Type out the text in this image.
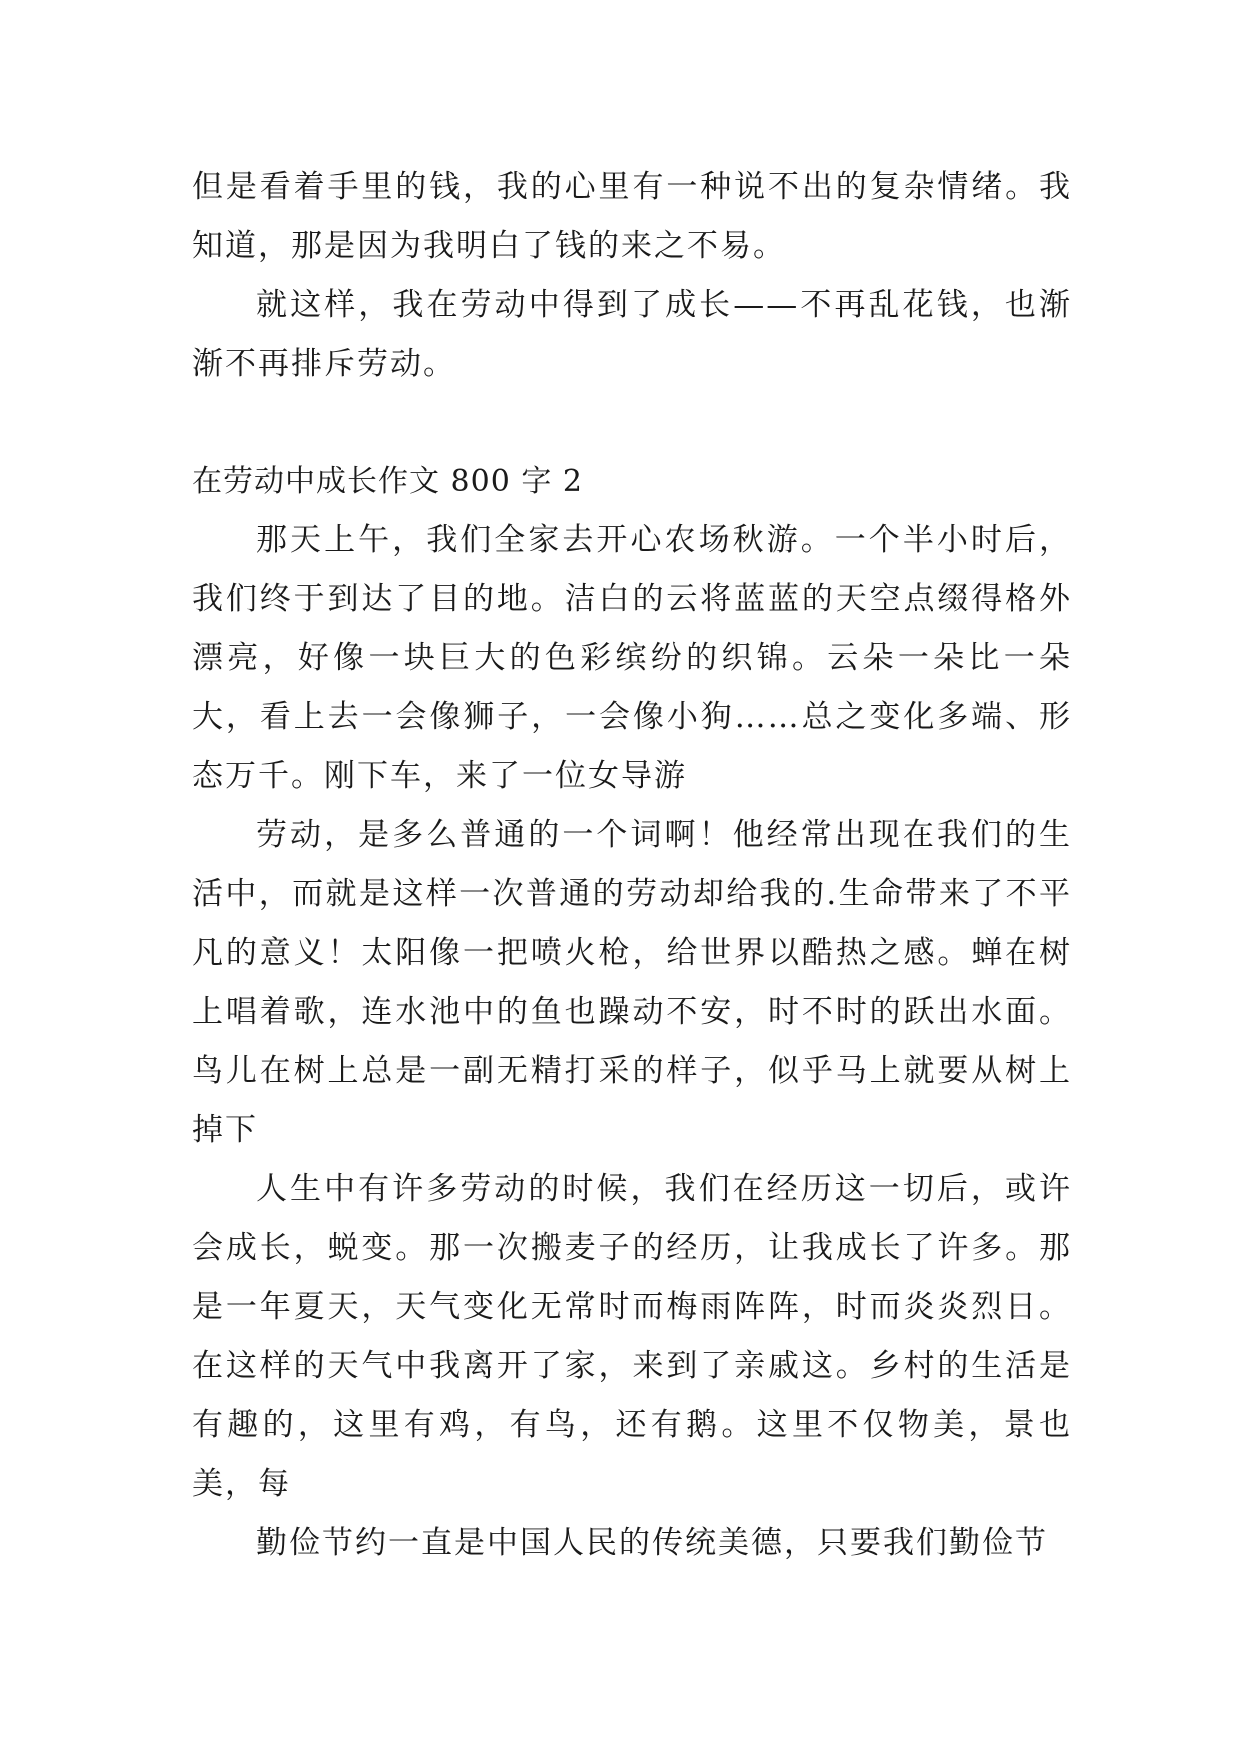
但是看着手里的钱，我的心里有一种说不出的复杂情绪。我知道，那是因为我明白了钱的来之不易。

就这样，我在劳动中得到了成长——不再乱花钱，也渐渐不再排斥劳动。

在劳动中成长作文 800 字 2

那天上午，我们全家去开心农场秋游。一个半小时后，我们终于到达了目的地。洁白的云将蓝蓝的天空点缀得格外漂亮，好像一块巨大的色彩缤纷的织锦。云朵一朵比一朵大，看上去一会像狮子，一会像小狗……总之变化多端、形态万千。刚下车，来了一位女导游

劳动，是多么普通的一个词啊！他经常出现在我们的生活中，而就是这样一次普通的劳动却给我的.生命带来了不平凡的意义！太阳像一把喷火枪，给世界以酷热之感。蝉在树上唱着歌，连水池中的鱼也躁动不安，时不时的跃出水面。鸟儿在树上总是一副无精打采的样子，似乎马上就要从树上掉下

人生中有许多劳动的时候，我们在经历这一切后，或许会成长，蜕变。那一次搬麦子的经历，让我成长了许多。那是一年夏天，天气变化无常时而梅雨阵阵，时而炎炎烈日。在这样的天气中我离开了家，来到了亲戚这。乡村的生活是有趣的，这里有鸡，有鸟，还有鹅。这里不仅物美，景也美，每

勤俭节约一直是中国人民的传统美德，只要我们勤俭节
